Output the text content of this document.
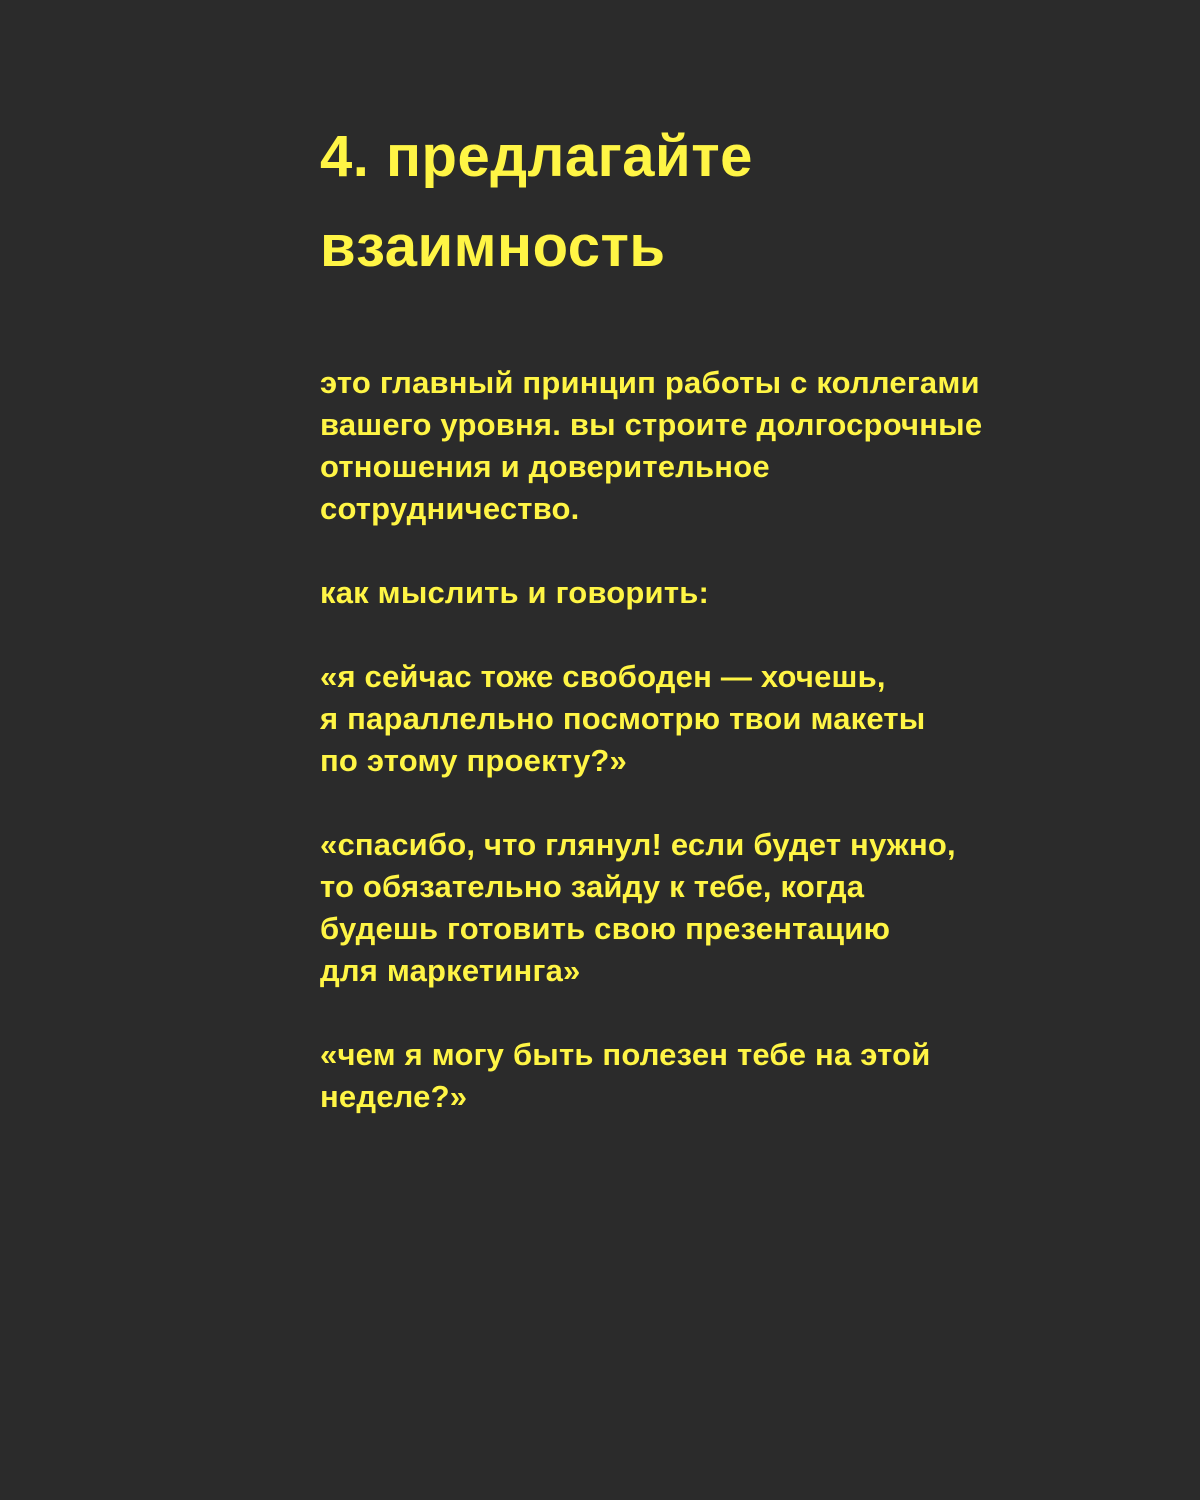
4. предлагайте
взаимность

это главный принцип работы с коллегами
вашего уровня. вы строите долгосрочные
отношения и доверительное
сотрудничество.

как мыслить и говорить:

«я сейчас тоже свободен — хочешь,
я параллельно посмотрю твои макеты
по этому проекту?»

«спасибо, что глянул! если будет нужно,
то обязательно зайду к тебе, когда
будешь готовить свою презентацию
для маркетинга»

«чем я могу быть полезен тебе на этой
неделе?»
